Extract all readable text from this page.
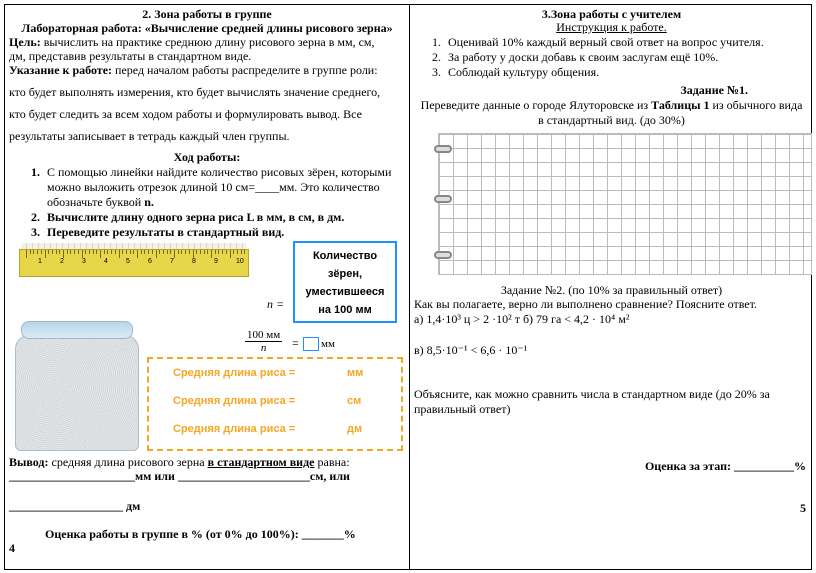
2. Зона работы в группе
Лабораторная работа: «Вычисление средней длины рисового зерна»
Цель: вычислить на практике среднюю длину рисового зерна в мм, см,
дм, представив результаты в стандартном виде.
Указание к работе: перед началом работы распределите в группе роли:
кто будет выполнять измерения, кто будет вычислять значение среднего,
кто будет следить за всем ходом работы и формулировать вывод. Все
результаты записывает в тетрадь каждый член группы.
Ход работы:
1. С помощью линейки найдите количество рисовых зёрен, которыми
можно выложить отрезок длиной 10 см=____мм. Это количество
обозначьте буквой n.
2. Вычислите длину одного зерна риса L в мм, в см, в дм.
3. Переведите результаты в стандартный вид.
1	2	3	4	5	6	7	8	9	10	Количество
зёрен,
уместившееся
на 100 мм
n =
100 мм
n	= мм
Средняя длина риса =	мм
Средняя длина риса =	см
Средняя длина риса =	дм
Вывод: средняя длина рисового зерна в стандартном виде равна:
_____________________мм или ______________________см, или
___________________ дм
Оценка работы в группе в % (от 0% до 100%): _______%
4
3.Зона работы с учителем
Инструкция к работе.
1. Оценивай 10% каждый верный свой ответ на вопрос учителя.
2. За работу у доски добавь к своим заслугам ещё 10%.
3. Соблюдай культуру общения.
Задание №1.
Переведите данные о городе Ялуторовске из Таблицы 1 из обычного вида
в стандартный вид. (до 30%)
Задание №2. (по 10% за правильный ответ)
Как вы полагаете, верно ли выполнено сравнение? Поясните ответ.
а) 1,4·10³ ц > 2 ·10² т б) 79 га < 4,2 · 10⁴ м²
в) 8,5·10⁻¹ < 6,6 · 10⁻¹
Объясните, как можно сравнить числа в стандартном виде (до 20% за правильный ответ)
Оценка за этап: __________%
5
